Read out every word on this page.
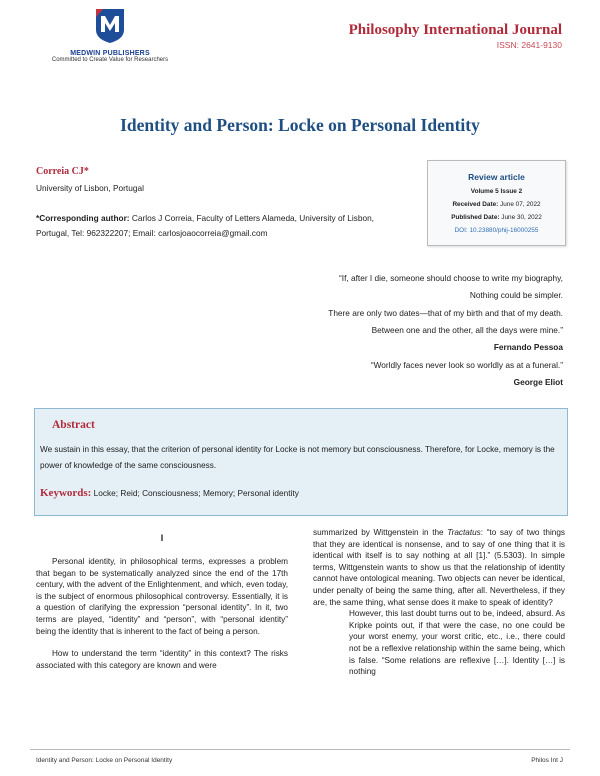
MEDWIN PUBLISHERS
Committed to Create Value for Researchers
Philosophy International Journal
ISSN: 2641-9130
Identity and Person: Locke on Personal Identity
Correia CJ*
University of Lisbon, Portugal
*Corresponding author: Carlos J Correia, Faculty of Letters Alameda, University of Lisbon,
Portugal, Tel: 962322207; Email: carlosjoaocorreia@gmail.com
Review article
Volume 5 Issue 2
Received Date: June 07, 2022
Published Date: June 30, 2022
DOI: 10.23880/phij-16000255
“If, after I die, someone should choose to write my biography,
Nothing could be simpler.
There are only two dates—that of my birth and that of my death.
Between one and the other, all the days were mine.”
Fernando Pessoa
“Worldly faces never look so worldly as at a funeral.”
George Eliot
Abstract
We sustain in this essay, that the criterion of personal identity for Locke is not memory but consciousness. Therefore, for Locke, memory is the power of knowledge of the same consciousness.
Keywords: Locke; Reid; Consciousness; Memory; Personal identity
I

Personal identity, in philosophical terms, expresses a problem that began to be systematically analyzed since the end of the 17th century, with the advent of the Enlightenment, and which, even today, is the subject of enormous philosophical controversy. Essentially, it is a question of clarifying the expression “personal identity”. In it, two terms are played, “identity” and “person”, with “personal identity” being the identity that is inherent to the fact of being a person.

How to understand the term “identity” in this context? The risks associated with this category are known and were

summarized by Wittgenstein in the Tractatus: “to say of two things that they are identical is nonsense, and to say of one thing that it is identical with itself is to say nothing at all [1].” (5.5303). In simple terms, Wittgenstein wants to show us that the relationship of identity cannot have ontological meaning. Two objects can never be identical, under penalty of being the same thing, after all. Nevertheless, if they are, the same thing, what sense does it make to speak of identity?

However, this last doubt turns out to be, indeed, absurd. As Kripke points out, if that were the case, no one could be your worst enemy, your worst critic, etc., i.e., there could not be a reflexive relationship within the same being, which is false. “Some relations are reflexive […]. Identity […] is nothing

Identity and Person: Locke on Personal Identity	Philos Int J
